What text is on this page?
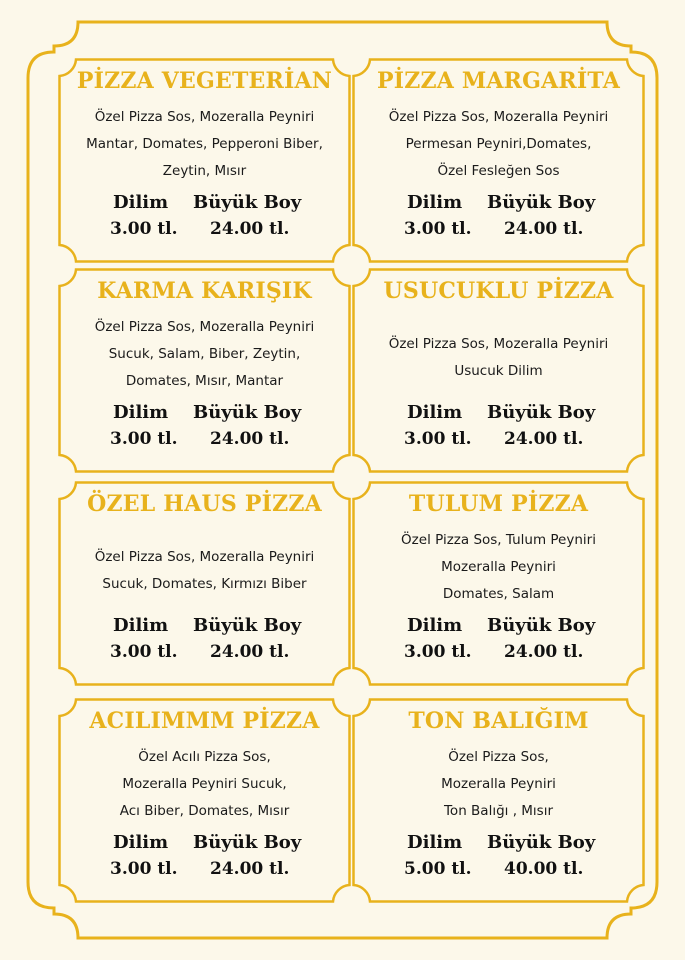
PİZZA VEGETERİAN
Özel Pizza Sos, Mozeralla Peyniri
Mantar, Domates, Pepperoni Biber,
Zeytin, Mısır
Dilim Büyük Boy
3.00 tl. 24.00 tl.
PİZZA MARGARİTA
Özel Pizza Sos, Mozeralla Peyniri
Permesan Peyniri,Domates,
Özel Fesleğen Sos
Dilim Büyük Boy
3.00 tl. 24.00 tl.
KARMA KARIŞIK
Özel Pizza Sos, Mozeralla Peyniri
Sucuk, Salam, Biber, Zeytin,
Domates, Mısır, Mantar
Dilim Büyük Boy
3.00 tl. 24.00 tl.
USUCUKLU PİZZA
Özel Pizza Sos, Mozeralla Peyniri
Usucuk Dilim
Dilim Büyük Boy
3.00 tl. 24.00 tl.
ÖZEL HAUS PİZZA
Özel Pizza Sos, Mozeralla Peyniri
Sucuk, Domates, Kırmızı Biber
Dilim Büyük Boy
3.00 tl. 24.00 tl.
TULUM PİZZA
Özel Pizza Sos, Tulum Peyniri
Mozeralla Peyniri
Domates, Salam
Dilim Büyük Boy
3.00 tl. 24.00 tl.
ACILIMMM PİZZA
Özel Acılı Pizza Sos,
Mozeralla Peyniri Sucuk,
Acı Biber, Domates, Mısır
Dilim Büyük Boy
3.00 tl. 24.00 tl.
TON BALIĞIM
Özel Pizza Sos,
Mozeralla Peyniri
Ton Balığı , Mısır
Dilim Büyük Boy
5.00 tl. 40.00 tl.
